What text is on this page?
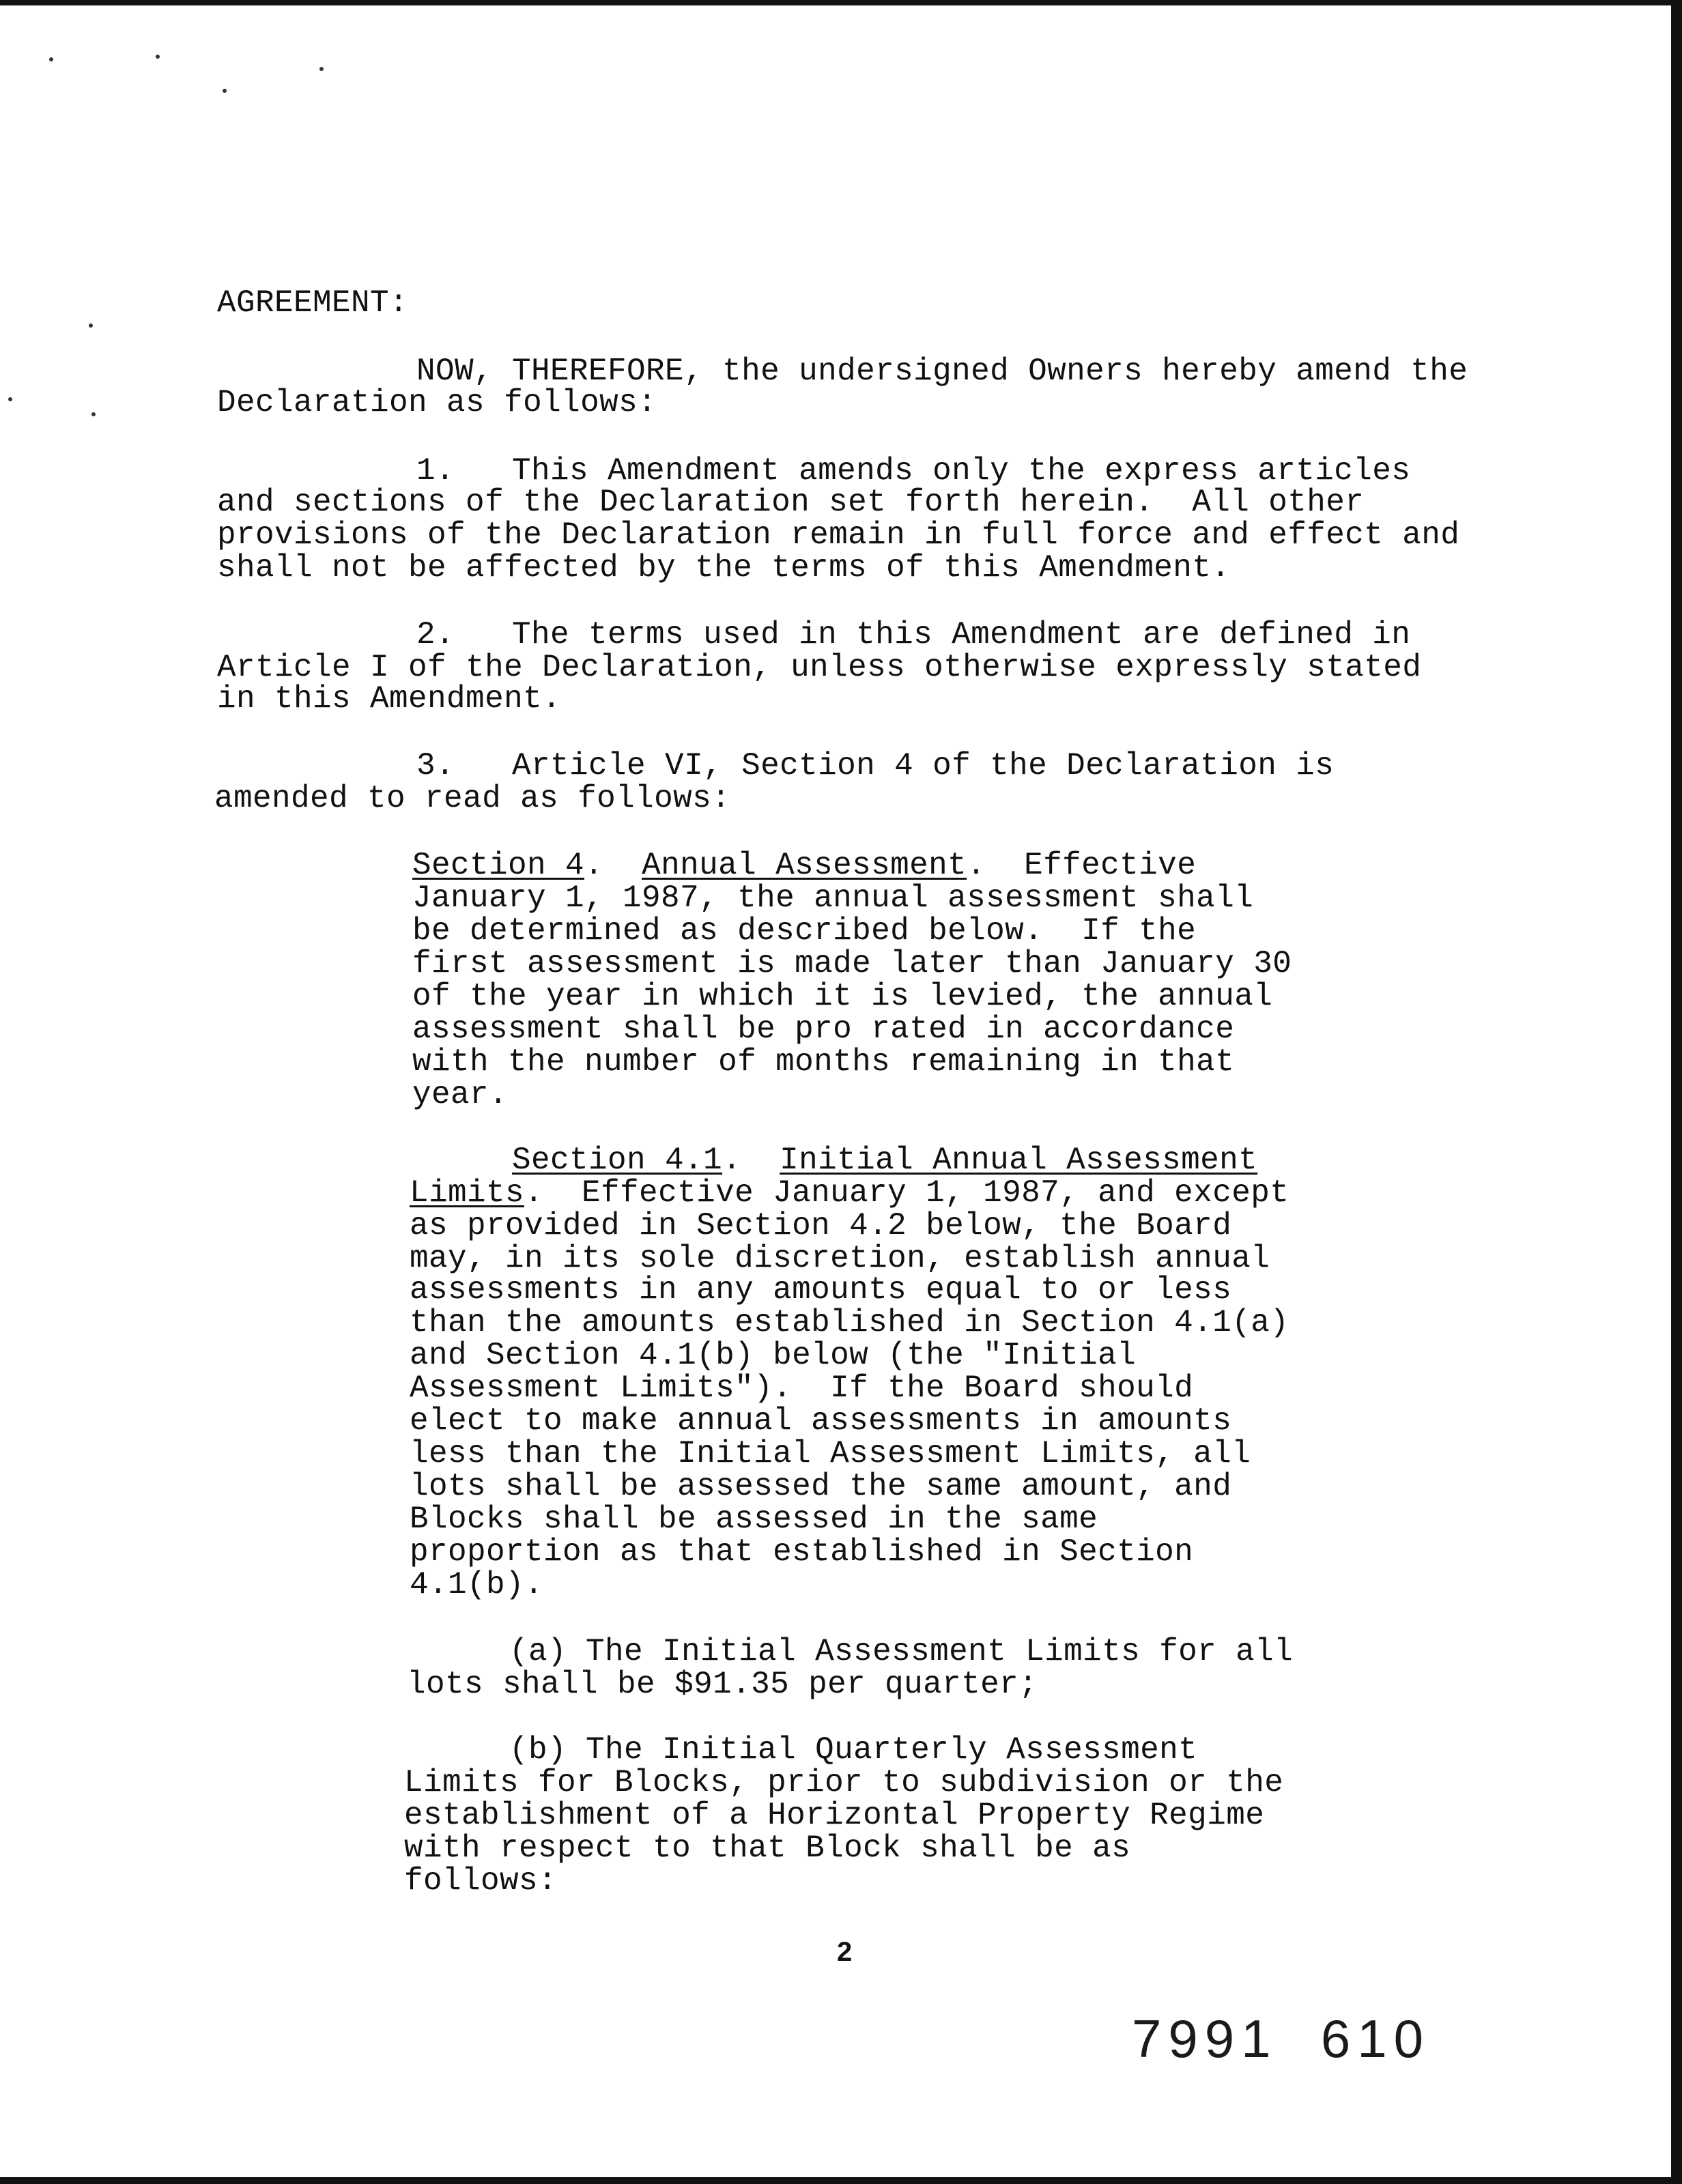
AGREEMENT:
NOW, THEREFORE, the undersigned Owners hereby amend the
Declaration as follows:
1.   This Amendment amends only the express articles
and sections of the Declaration set forth herein.  All other
provisions of the Declaration remain in full force and effect and
shall not be affected by the terms of this Amendment.
2.   The terms used in this Amendment are defined in
Article I of the Declaration, unless otherwise expressly stated
in this Amendment.
3.   Article VI, Section 4 of the Declaration is
amended to read as follows:
Section 4.  Annual Assessment.  Effective
January 1, 1987, the annual assessment shall
be determined as described below.  If the
first assessment is made later than January 30
of the year in which it is levied, the annual
assessment shall be pro rated in accordance
with the number of months remaining in that
year.
Section 4.1.  Initial Annual Assessment
Limits.  Effective January 1, 1987, and except
as provided in Section 4.2 below, the Board
may, in its sole discretion, establish annual
assessments in any amounts equal to or less
than the amounts established in Section 4.1(a)
and Section 4.1(b) below (the "Initial
Assessment Limits").  If the Board should
elect to make annual assessments in amounts
less than the Initial Assessment Limits, all
lots shall be assessed the same amount, and
Blocks shall be assessed in the same
proportion as that established in Section
4.1(b).
(a) The Initial Assessment Limits for all
lots shall be $91.35 per quarter;
(b) The Initial Quarterly Assessment
Limits for Blocks, prior to subdivision or the
establishment of a Horizontal Property Regime
with respect to that Block shall be as
follows:
2
7991  610
